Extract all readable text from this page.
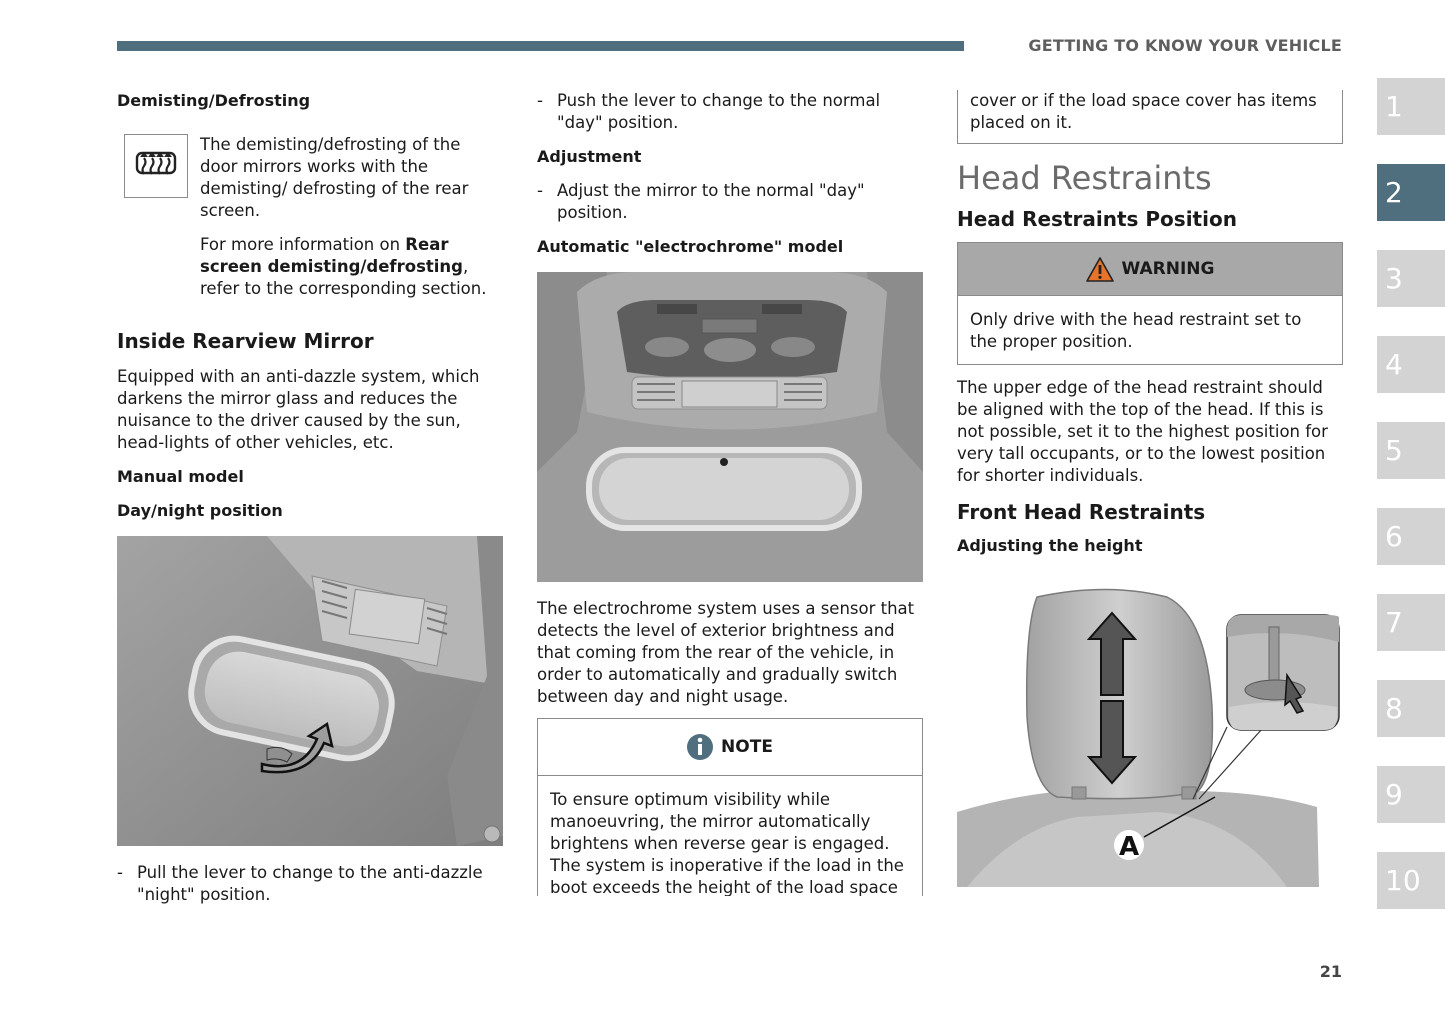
GETTING TO KNOW YOUR VEHICLE
Demisting/Defrosting

The demisting/defrosting of the door mirrors works with the demisting/ defrosting of the rear screen.

For more information on Rear screen demisting/defrosting, refer to the corresponding section.

Inside Rearview Mirror

Equipped with an anti-dazzle system, which darkens the mirror glass and reduces the nuisance to the driver caused by the sun, head-lights of other vehicles, etc.

Manual model
Day/night position
- Pull the lever to change to the anti-dazzle "night" position.
- Push the lever to change to the normal "day" position.
Adjustment
- Adjust the mirror to the normal "day" position.
Automatic "electrochrome" model

The electrochrome system uses a sensor that detects the level of exterior brightness and that coming from the rear of the vehicle, in order to automatically and gradually switch between day and night usage.

NOTE

To ensure optimum visibility while manoeuvring, the mirror automatically brightens when reverse gear is engaged. The system is inoperative if the load in the boot exceeds the height of the load space

cover or if the load space cover has items placed on it.

Head Restraints
Head Restraints Position
WARNING

Only drive with the head restraint set to the proper position.

The upper edge of the head restraint should be aligned with the top of the head. If this is not possible, set it to the highest position for very tall occupants, or to the lowest position for shorter individuals.

Front Head Restraints
Adjusting the height
A
1
2
3
4
5
6
7
8
9
10
21
